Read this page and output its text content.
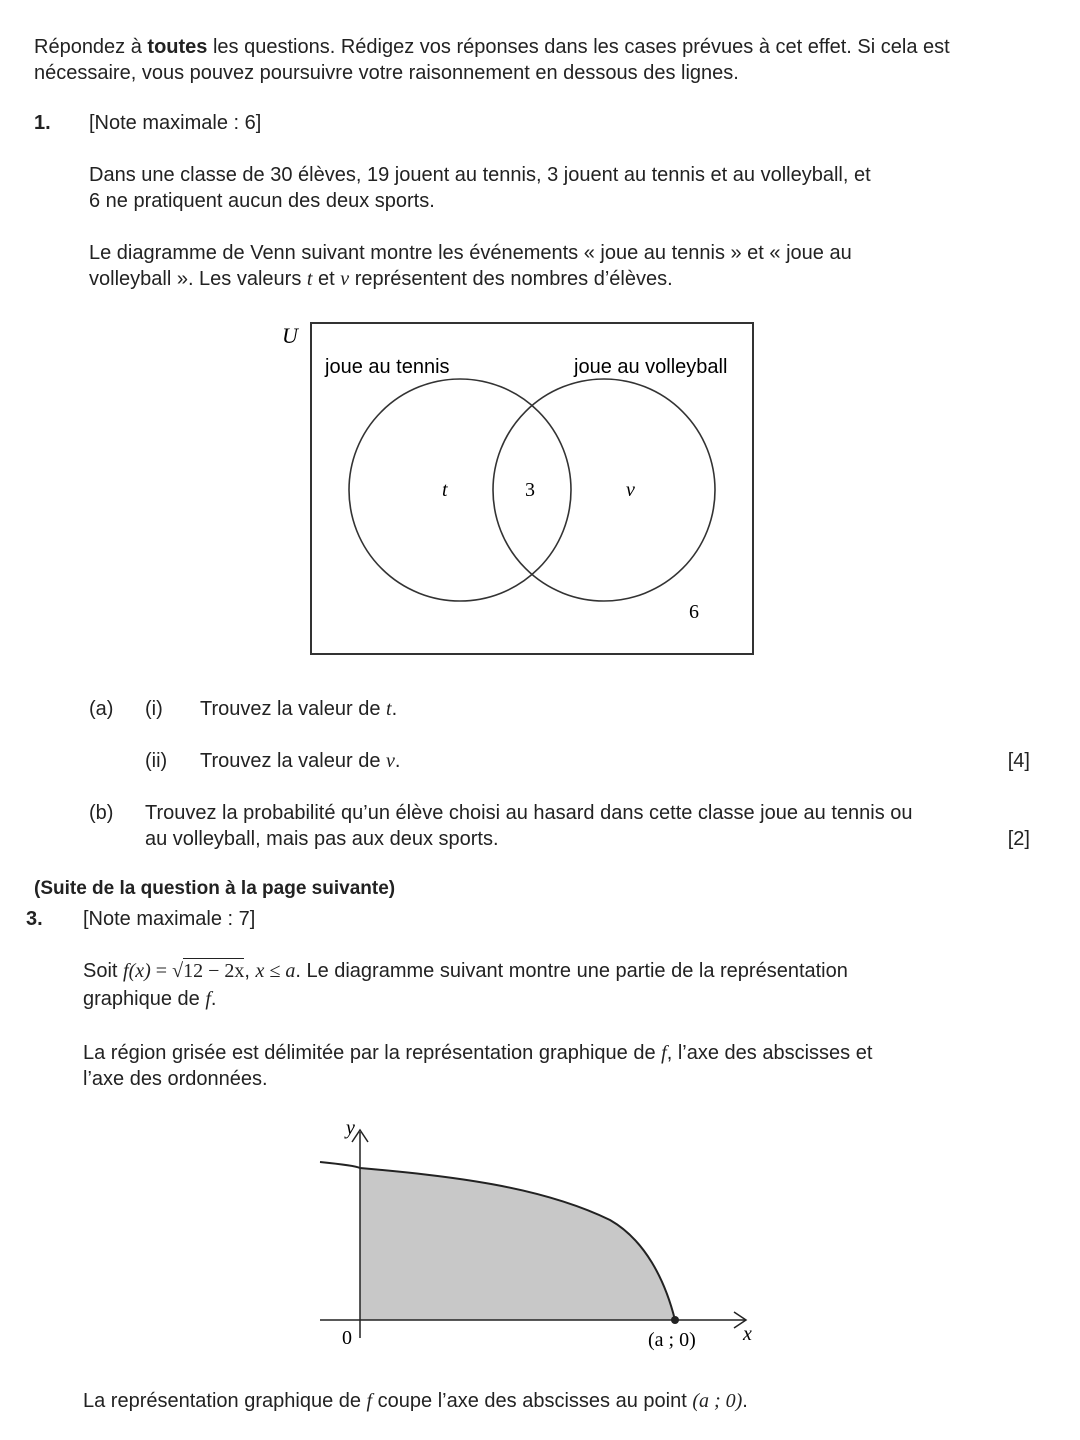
Répondez à toutes les questions. Rédigez vos réponses dans les cases prévues à cet effet. Si cela est
nécessaire, vous pouvez poursuivre votre raisonnement en dessous des lignes.
1. [Note maximale : 6]
Dans une classe de 30 élèves, 19 jouent au tennis, 3 jouent au tennis et au volleyball, et
6 ne pratiquent aucun des deux sports.
Le diagramme de Venn suivant montre les événements « joue au tennis » et « joue au
volleyball ». Les valeurs t et v représentent des nombres d’élèves.
U
joue au tennis	joue au volleyball
t	3	v
6
(a) (i) Trouvez la valeur de t.
(ii) Trouvez la valeur de v.	[4]
(b) Trouvez la probabilité qu’un élève choisi au hasard dans cette classe joue au tennis ou
au volleyball, mais pas aux deux sports.	[2]
(Suite de la question à la page suivante)
3. [Note maximale : 7]
Soit f(x) = √12 − 2x, x ≤ a. Le diagramme suivant montre une partie de la représentation
graphique de f.
La région grisée est délimitée par la représentation graphique de f, l’axe des abscisses et
l’axe des ordonnées.
y
x
0	(a ; 0)
La représentation graphique de f coupe l’axe des abscisses au point (a ; 0).
